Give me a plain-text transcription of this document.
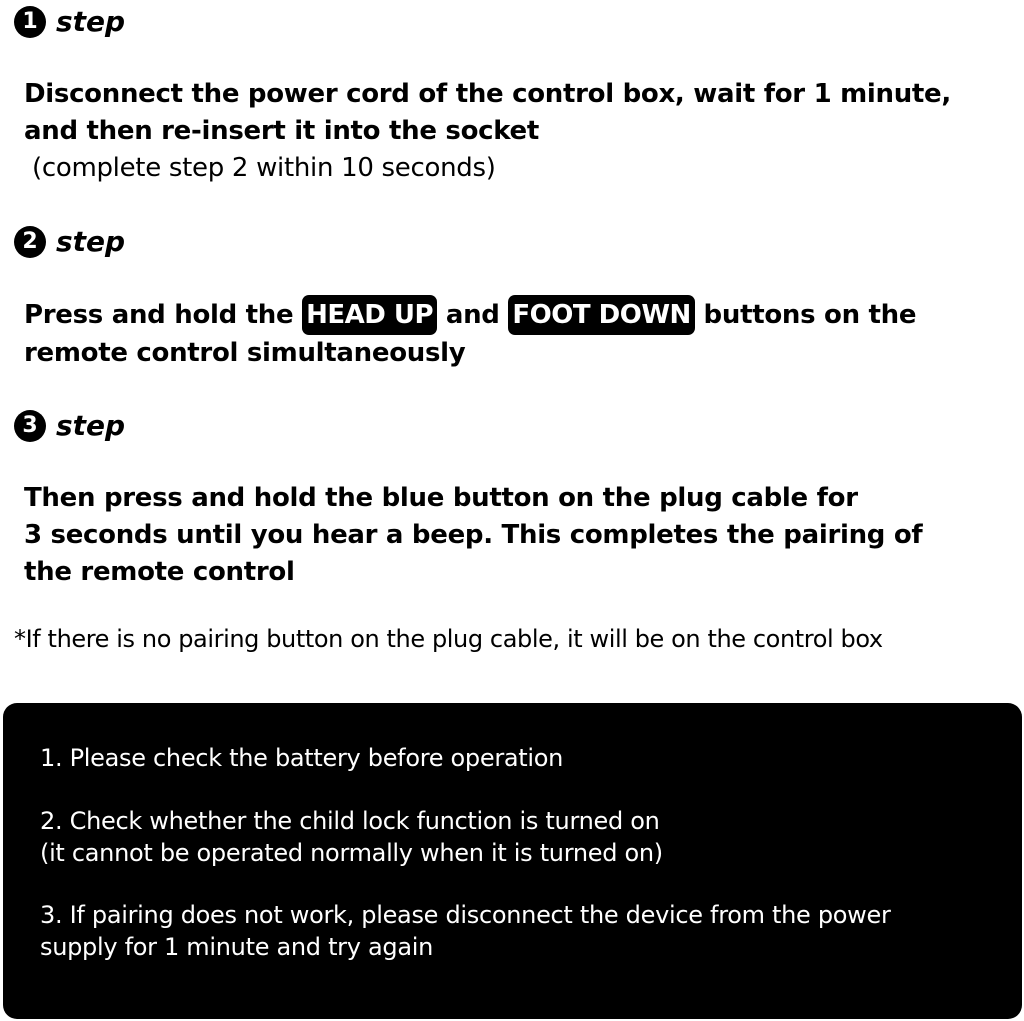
1 step

Disconnect the power cord of the control box, wait for 1 minute,
and then re-insert it into the socket

(complete step 2 within 10 seconds)

2 step

Press and hold the HEAD UP and FOOT DOWN buttons on the
remote control simultaneously

3 step

Then press and hold the blue button on the plug cable for
3 seconds until you hear a beep. This completes the pairing of
the remote control

*If there is no pairing button on the plug cable, it will be on the control box

1. Please check the battery before operation

2. Check whether the child lock function is turned on

(it cannot be operated normally when it is turned on)

3. If pairing does not work, please disconnect the device from the power

supply for 1 minute and try again
